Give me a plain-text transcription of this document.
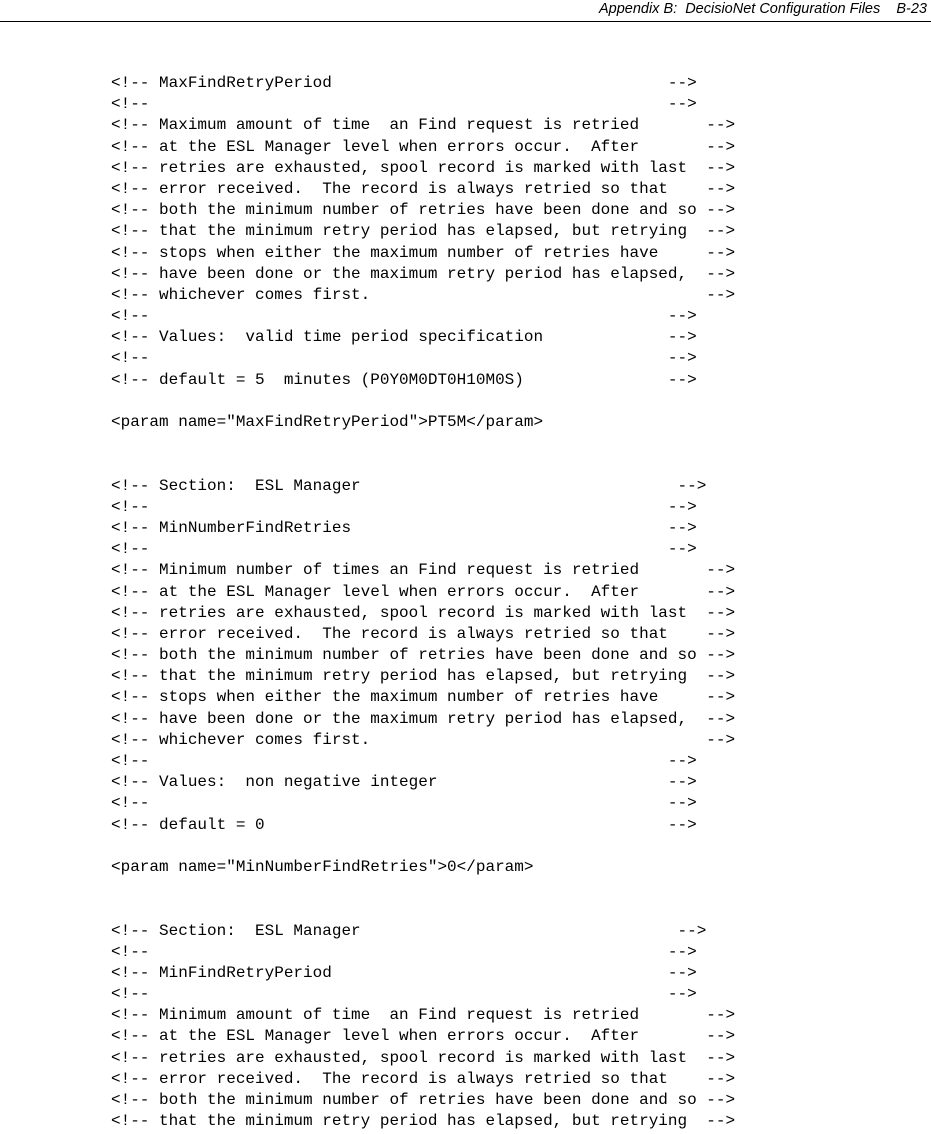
Appendix B:  DecisioNet Configuration Files B-23
<!-- MaxFindRetryPeriod                                   -->
<!--                                                      -->
<!-- Maximum amount of time  an Find request is retried       -->
<!-- at the ESL Manager level when errors occur.  After       -->
<!-- retries are exhausted, spool record is marked with last  -->
<!-- error received.  The record is always retried so that    -->
<!-- both the minimum number of retries have been done and so -->
<!-- that the minimum retry period has elapsed, but retrying  -->
<!-- stops when either the maximum number of retries have     -->
<!-- have been done or the maximum retry period has elapsed,  -->
<!-- whichever comes first.                                   -->
<!--                                                      -->
<!-- Values:  valid time period specification             -->
<!--                                                      -->
<!-- default = 5  minutes (P0Y0M0DT0H10M0S)               -->
<param name="MaxFindRetryPeriod">PT5M</param>
<!-- Section:  ESL Manager                                 -->
<!--                                                      -->
<!-- MinNumberFindRetries                                 -->
<!--                                                      -->
<!-- Minimum number of times an Find request is retried       -->
<!-- at the ESL Manager level when errors occur.  After       -->
<!-- retries are exhausted, spool record is marked with last  -->
<!-- error received.  The record is always retried so that    -->
<!-- both the minimum number of retries have been done and so -->
<!-- that the minimum retry period has elapsed, but retrying  -->
<!-- stops when either the maximum number of retries have     -->
<!-- have been done or the maximum retry period has elapsed,  -->
<!-- whichever comes first.                                   -->
<!--                                                      -->
<!-- Values:  non negative integer                        -->
<!--                                                      -->
<!-- default = 0                                          -->
<param name="MinNumberFindRetries">0</param>
<!-- Section:  ESL Manager                                 -->
<!--                                                      -->
<!-- MinFindRetryPeriod                                   -->
<!--                                                      -->
<!-- Minimum amount of time  an Find request is retried       -->
<!-- at the ESL Manager level when errors occur.  After       -->
<!-- retries are exhausted, spool record is marked with last  -->
<!-- error received.  The record is always retried so that    -->
<!-- both the minimum number of retries have been done and so -->
<!-- that the minimum retry period has elapsed, but retrying  -->
